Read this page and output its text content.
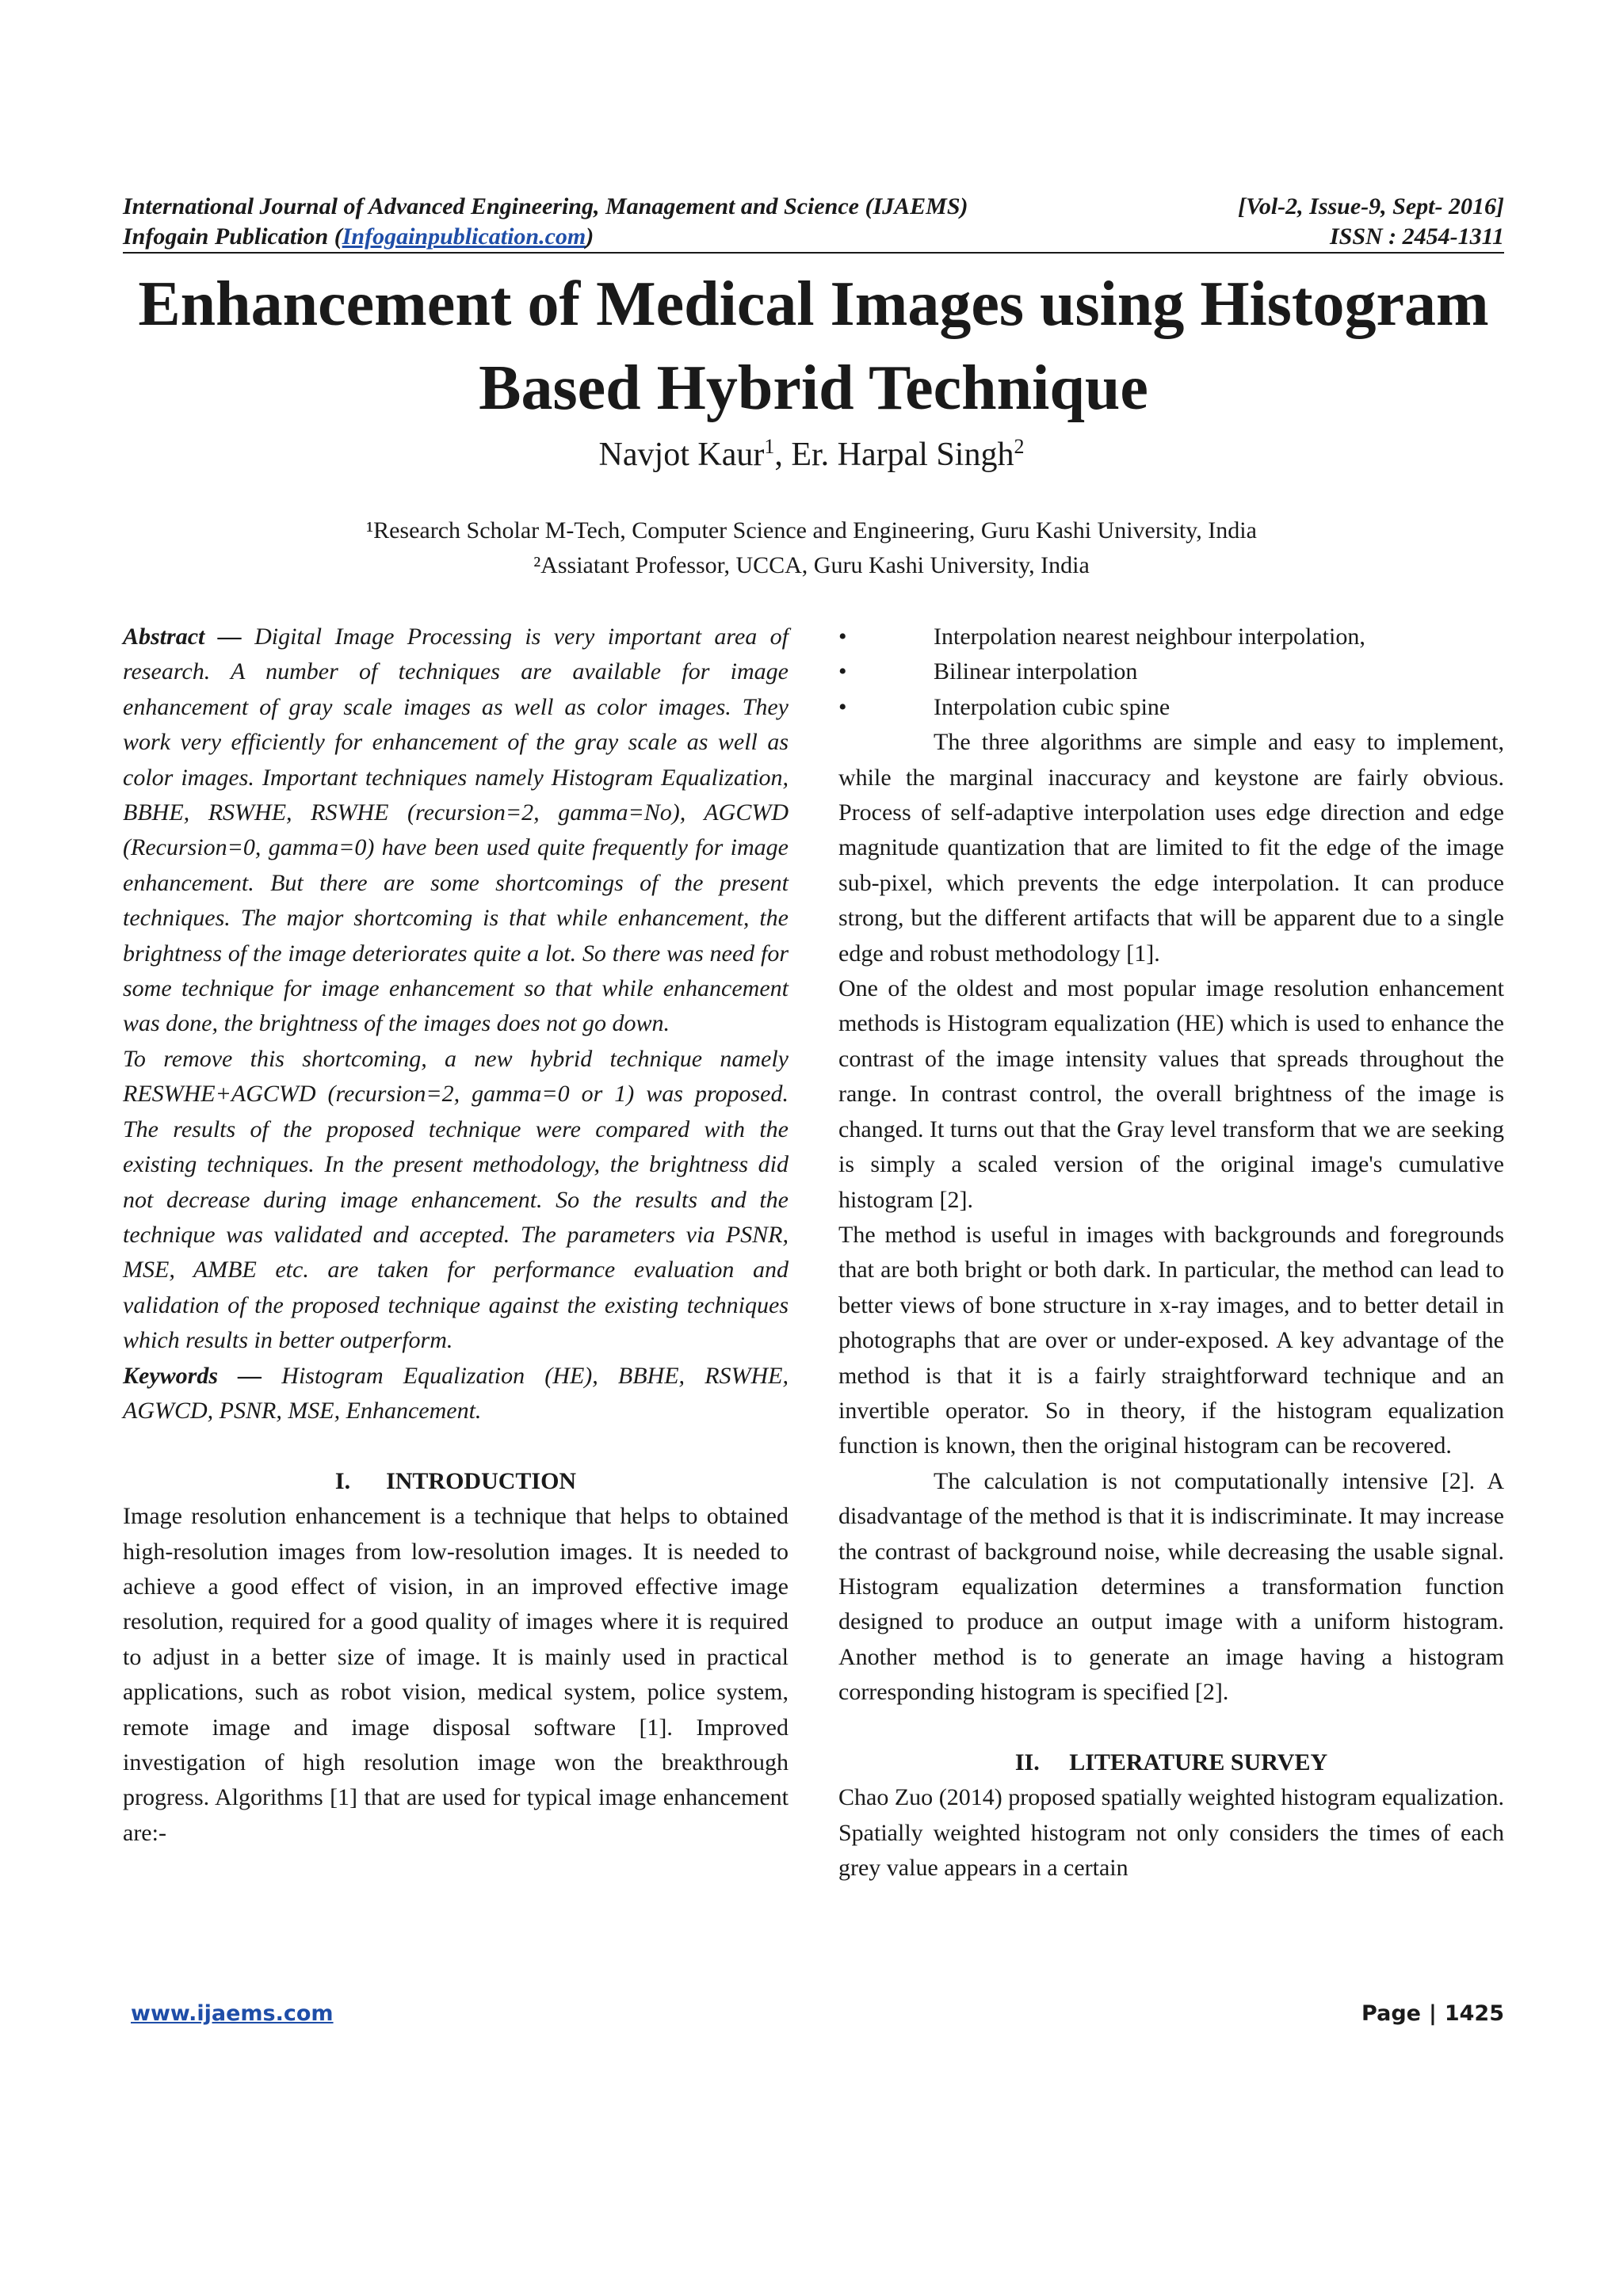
International Journal of Advanced Engineering, Management and Science (IJAEMS)	[Vol-2, Issue-9, Sept- 2016]
Infogain Publication (Infogainpublication.com)	ISSN : 2454-1311
Enhancement of Medical Images using Histogram
Based Hybrid Technique
Navjot Kaur$^1$, Er. Harpal Singh$^2$
¹Research Scholar M-Tech, Computer Science and Engineering, Guru Kashi University, India
²Assiatant Professor, UCCA, Guru Kashi University, India

Abstract — Digital Image Processing is very important area of research. A number of techniques are available for image enhancement of gray scale images as well as color images. They work very efficiently for enhancement of the gray scale as well as color images. Important techniques namely Histogram Equalization, BBHE, RSWHE, RSWHE (recursion=2, gamma=No), AGCWD (Recursion=0, gamma=0) have been used quite frequently for image enhancement. But there are some shortcomings of the present techniques. The major shortcoming is that while enhancement, the brightness of the image deteriorates quite a lot. So there was need for some technique for image enhancement so that while enhancement was done, the brightness of the images does not go down.

To remove this shortcoming, a new hybrid technique namely RESWHE+AGCWD (recursion=2, gamma=0 or 1) was proposed. The results of the proposed technique were compared with the existing techniques. In the present methodology, the brightness did not decrease during image enhancement. So the results and the technique was validated and accepted. The parameters via PSNR, MSE, AMBE etc. are taken for performance evaluation and validation of the proposed technique against the existing techniques which results in better outperform.

Keywords — Histogram Equalization (HE), BBHE, RSWHE, AGWCD, PSNR, MSE, Enhancement.

I.      INTRODUCTION

Image resolution enhancement is a technique that helps to obtained high-resolution images from low-resolution images. It is needed to achieve a good effect of vision, in an improved effective image resolution, required for a good quality of images where it is required to adjust in a better size of image. It is mainly used in practical applications, such as robot vision, medical system, police system, remote image and image disposal software [1]. Improved investigation of high resolution image won the breakthrough progress. Algorithms [1] that are used for typical image enhancement are:-

•	Interpolation nearest neighbour interpolation,
•	Bilinear interpolation
•	Interpolation cubic spine

The three algorithms are simple and easy to implement, while the marginal inaccuracy and keystone are fairly obvious. Process of self-adaptive interpolation uses edge direction and edge magnitude quantization that are limited to fit the edge of the image sub-pixel, which prevents the edge interpolation. It can produce strong, but the different artifacts that will be apparent due to a single edge and robust methodology [1].

One of the oldest and most popular image resolution enhancement methods is Histogram equalization (HE) which is used to enhance the contrast of the image intensity values that spreads throughout the range. In contrast control, the overall brightness of the image is changed. It turns out that the Gray level transform that we are seeking is simply a scaled version of the original image's cumulative histogram [2].

The method is useful in images with backgrounds and foregrounds that are both bright or both dark. In particular, the method can lead to better views of bone structure in x-ray images, and to better detail in photographs that are over or under-exposed. A key advantage of the method is that it is a fairly straightforward technique and an invertible operator. So in theory, if the histogram equalization function is known, then the original histogram can be recovered.

The calculation is not computationally intensive [2]. A disadvantage of the method is that it is indiscriminate. It may increase the contrast of background noise, while decreasing the usable signal. Histogram equalization determines a transformation function designed to produce an output image with a uniform histogram. Another method is to generate an image having a histogram corresponding histogram is specified [2].

II.     LITERATURE SURVEY

Chao Zuo (2014) proposed spatially weighted histogram equalization. Spatially weighted histogram not only considers the times of each grey value appears in a certain

www.ijaems.com	Page | 1425
